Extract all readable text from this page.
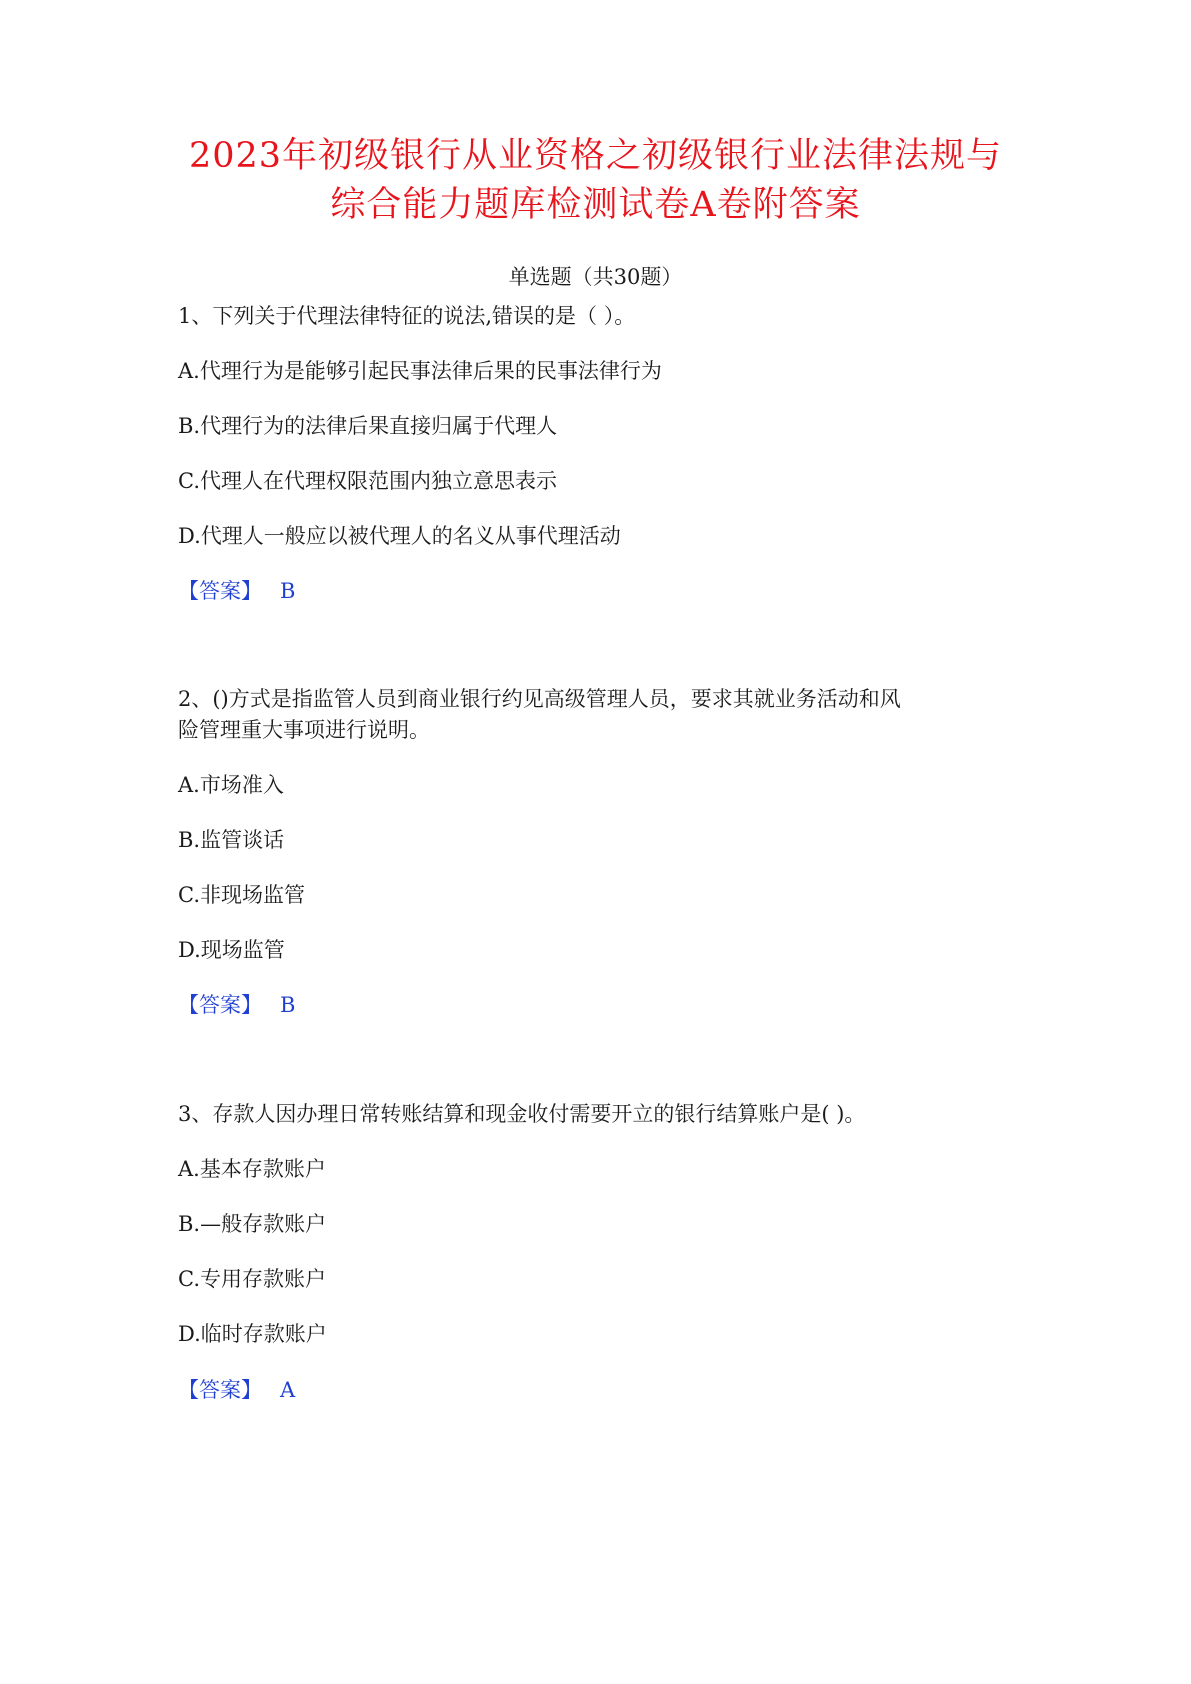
2023年初级银行从业资格之初级银行业法律法规与
综合能力题库检测试卷A卷附答案
单选题（共30题）
1、下列关于代理法律特征的说法,错误的是（ ）。
A.代理行为是能够引起民事法律后果的民事法律行为
B.代理行为的法律后果直接归属于代理人
C.代理人在代理权限范围内独立意思表示
D.代理人一般应以被代理人的名义从事代理活动
【答案】 B
2、()方式是指监管人员到商业银行约见高级管理人员，要求其就业务活动和风
险管理重大事项进行说明。
A.市场准入
B.监管谈话
C.非现场监管
D.现场监管
【答案】 B
3、存款人因办理日常转账结算和现金收付需要开立的银行结算账户是( )。
A.基本存款账户
B.—般存款账户
C.专用存款账户
D.临时存款账户
【答案】 A
